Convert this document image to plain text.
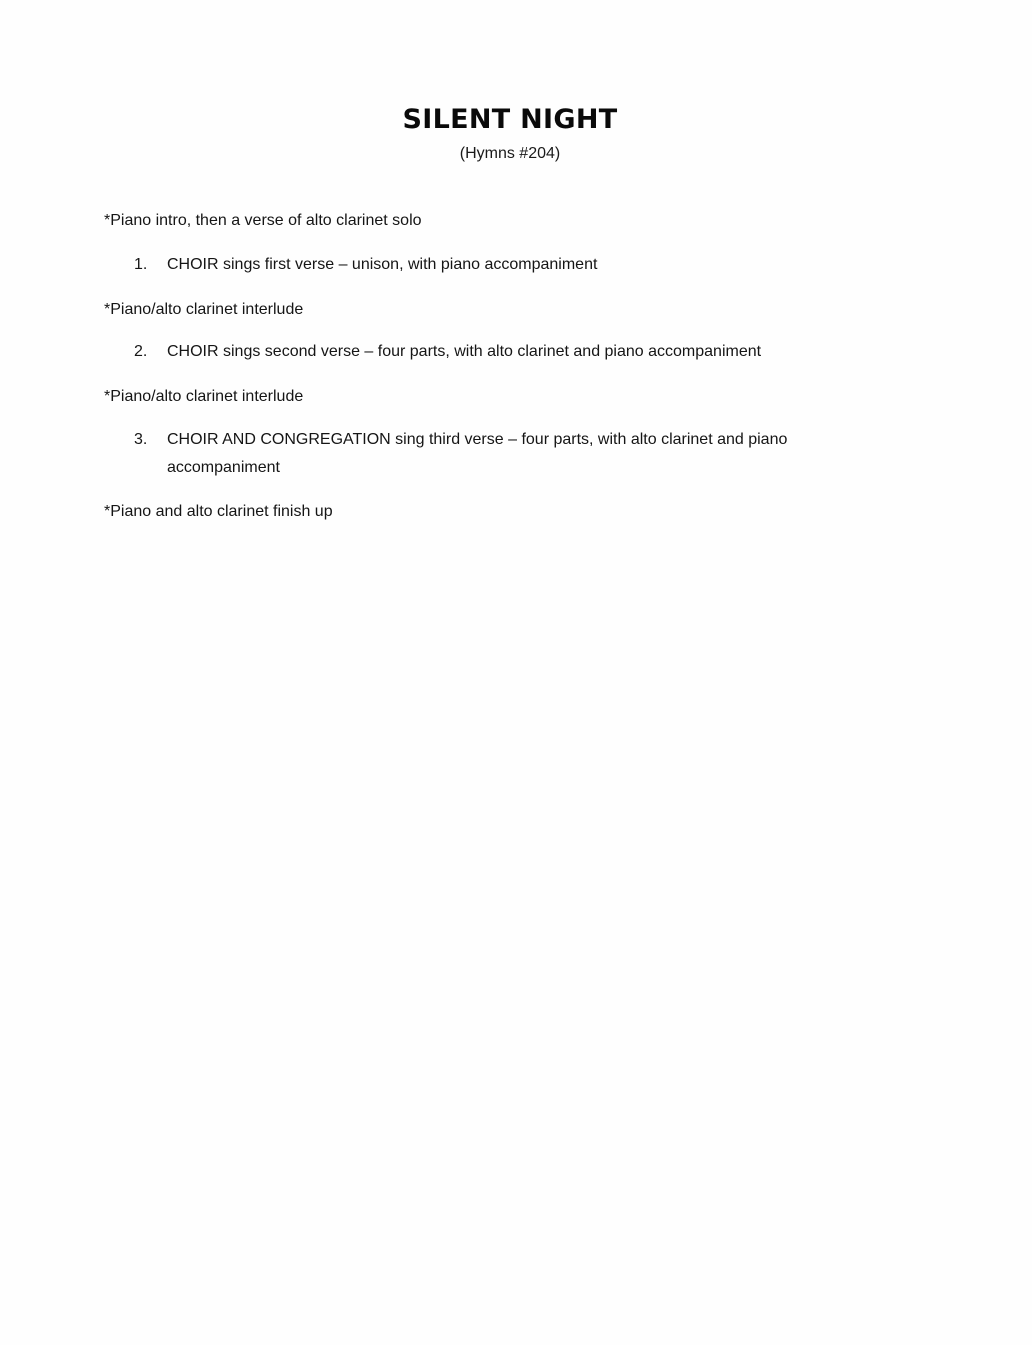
SILENT NIGHT
(Hymns #204)
*Piano intro, then a verse of alto clarinet solo
1. CHOIR sings first verse – unison, with piano accompaniment
*Piano/alto clarinet interlude
2. CHOIR sings second verse – four parts, with alto clarinet and piano accompaniment
*Piano/alto clarinet interlude
3. CHOIR AND CONGREGATION sing third verse – four parts, with alto clarinet and piano accompaniment
*Piano and alto clarinet finish up
